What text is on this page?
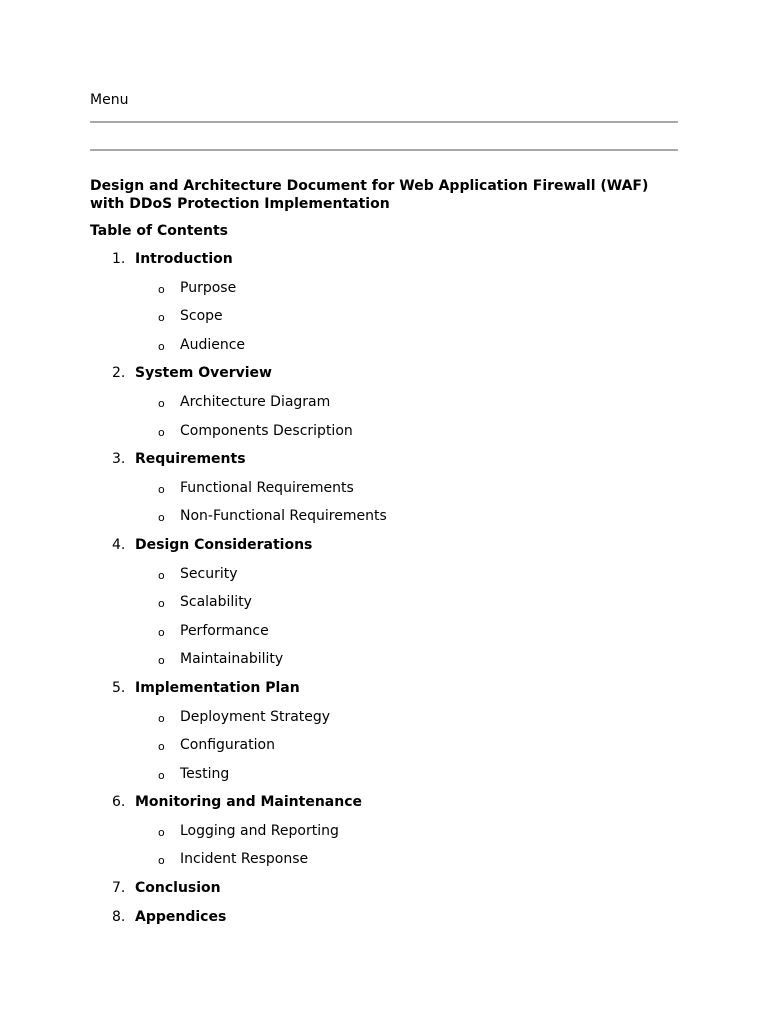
Menu
Design and Architecture Document for Web Application Firewall (WAF) with DDoS Protection Implementation
Table of Contents
1. Introduction
o Purpose
o Scope
o Audience
2. System Overview
o Architecture Diagram
o Components Description
3. Requirements
o Functional Requirements
o Non-Functional Requirements
4. Design Considerations
o Security
o Scalability
o Performance
o Maintainability
5. Implementation Plan
o Deployment Strategy
o Configuration
o Testing
6. Monitoring and Maintenance
o Logging and Reporting
o Incident Response
7. Conclusion
8. Appendices
